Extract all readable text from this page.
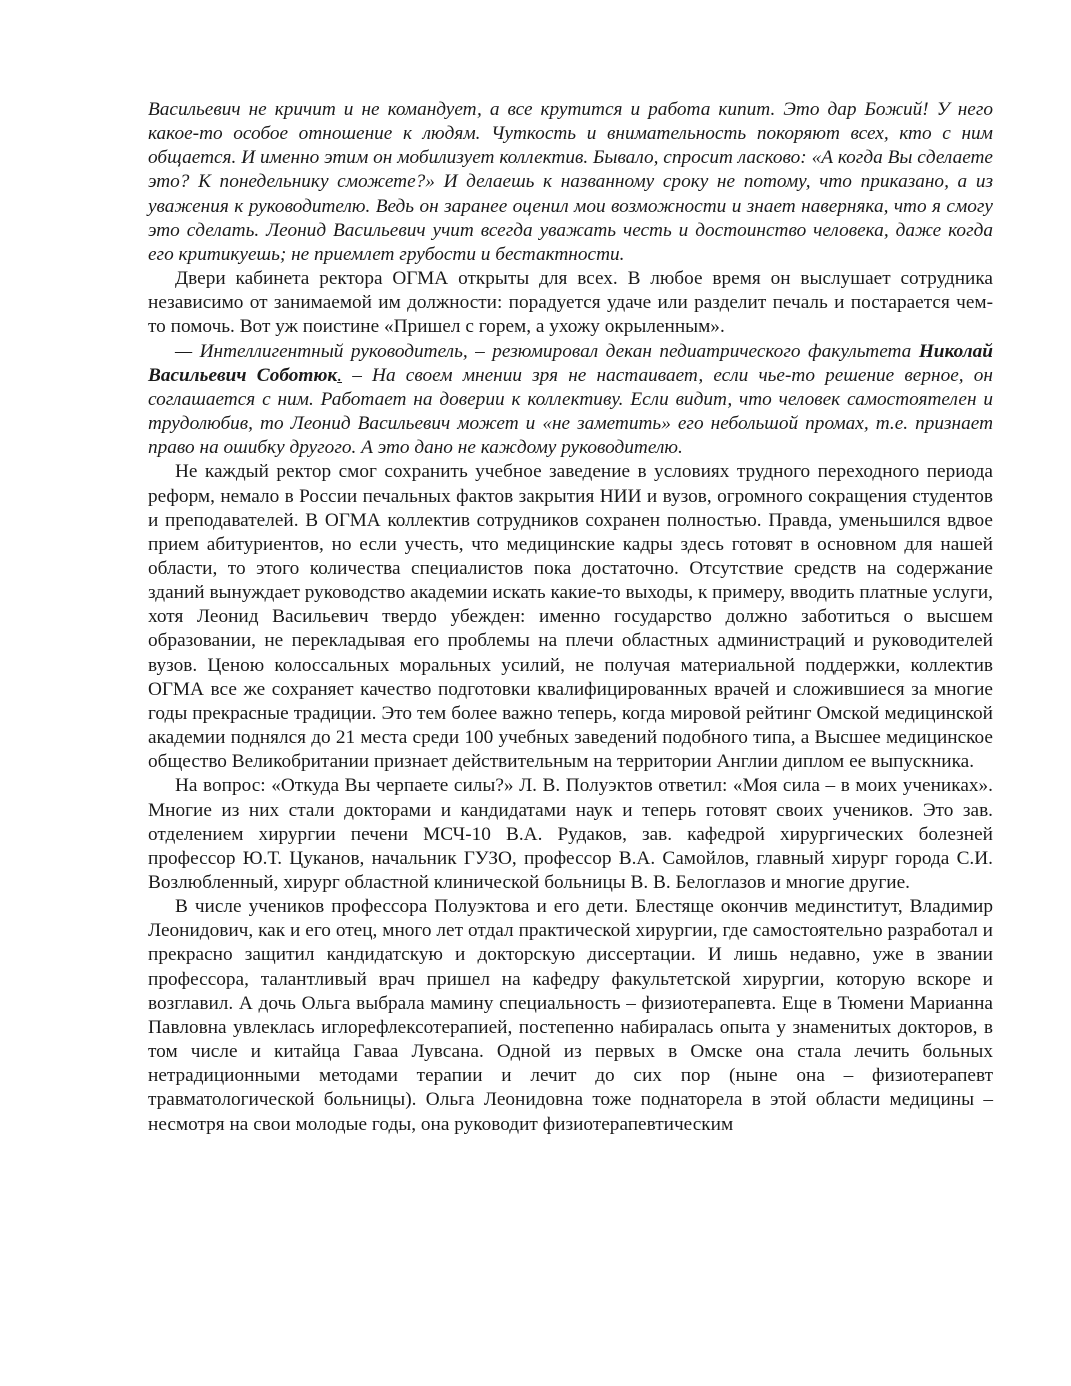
Васильевич не кричит и не командует, а все крутится и работа кипит. Это дар Божий! У него какое-то особое отношение к людям. Чуткость и внимательность покоряют всех, кто с ним общается. И именно этим он мобилизует коллектив. Бывало, спросит ласково: «А когда Вы сделаете это? К понедельнику сможете?» И делаешь к названному сроку не потому, что приказано, а из уважения к руководителю. Ведь он заранее оценил мои возможности и знает наверняка, что я смогу это сделать. Леонид Васильевич учит всегда уважать честь и достоинство человека, даже когда его критикуешь; не приемлет грубости и бестактности.

Двери кабинета ректора ОГМА открыты для всех. В любое время он выслушает сотрудника независимо от занимаемой им должности: порадуется удаче или разделит печаль и постарается чем-то помочь. Вот уж поистине «Пришел с горем, а ухожу окрыленным».

— Интеллигентный руководитель, – резюмировал декан педиатрического факультета Николай Васильевич Соботюк. – На своем мнении зря не настаивает, если чье-то решение верное, он соглашается с ним. Работает на доверии к коллективу. Если видит, что человек самостоятелен и трудолюбив, то Леонид Васильевич может и «не заметить» его небольшой промах, т.е. признает право на ошибку другого. А это дано не каждому руководителю.

Не каждый ректор смог сохранить учебное заведение в условиях трудного переходного периода реформ, немало в России печальных фактов закрытия НИИ и вузов, огромного сокращения студентов и преподавателей. В ОГМА коллектив сотрудников сохранен полностью. Правда, уменьшился вдвое прием абитуриентов, но если учесть, что медицинские кадры здесь готовят в основном для нашей области, то этого количества специалистов пока достаточно. Отсутствие средств на содержание зданий вынуждает руководство академии искать какие-то выходы, к примеру, вводить платные услуги, хотя Леонид Васильевич твердо убежден: именно государство должно заботиться о высшем образовании, не перекладывая его проблемы на плечи областных администраций и руководителей вузов. Ценою колоссальных моральных усилий, не получая материальной поддержки, коллектив ОГМА все же сохраняет качество подготовки квалифицированных врачей и сложившиеся за многие годы прекрасные традиции. Это тем более важно теперь, когда мировой рейтинг Омской медицинской академии поднялся до 21 места среди 100 учебных заведений подобного типа, а Высшее медицинское общество Великобритании признает действительным на территории Англии диплом ее выпускника.

На вопрос: «Откуда Вы черпаете силы?» Л. В. Полуэктов ответил: «Моя сила – в моих учениках». Многие из них стали докторами и кандидатами наук и теперь готовят своих учеников. Это зав. отделением хирургии печени МСЧ-10 В.А. Рудаков, зав. кафедрой хирургических болезней профессор Ю.Т. Цуканов, начальник ГУЗО, профессор В.А. Самойлов, главный хирург города С.И. Возлюбленный, хирург областной клинической больницы В. В. Белоглазов и многие другие.

В числе учеников профессора Полуэктова и его дети. Блестяще окончив мединститут, Владимир Леонидович, как и его отец, много лет отдал практической хирургии, где самостоятельно разработал и прекрасно защитил кандидатскую и докторскую диссертации. И лишь недавно, уже в звании профессора, талантливый врач пришел на кафедру факультетской хирургии, которую вскоре и возглавил. А дочь Ольга выбрала мамину специальность – физиотерапевта. Еще в Тюмени Марианна Павловна увлеклась иглорефлексотерапией, постепенно набиралась опыта у знаменитых докторов, в том числе и китайца Гаваа Лувсана. Одной из первых в Омске она стала лечить больных нетрадиционными методами терапии и лечит до сих пор (ныне она – физиотерапевт травматологической больницы). Ольга Леонидовна тоже поднаторела в этой области медицины – несмотря на свои молодые годы, она руководит физиотерапевтическим
